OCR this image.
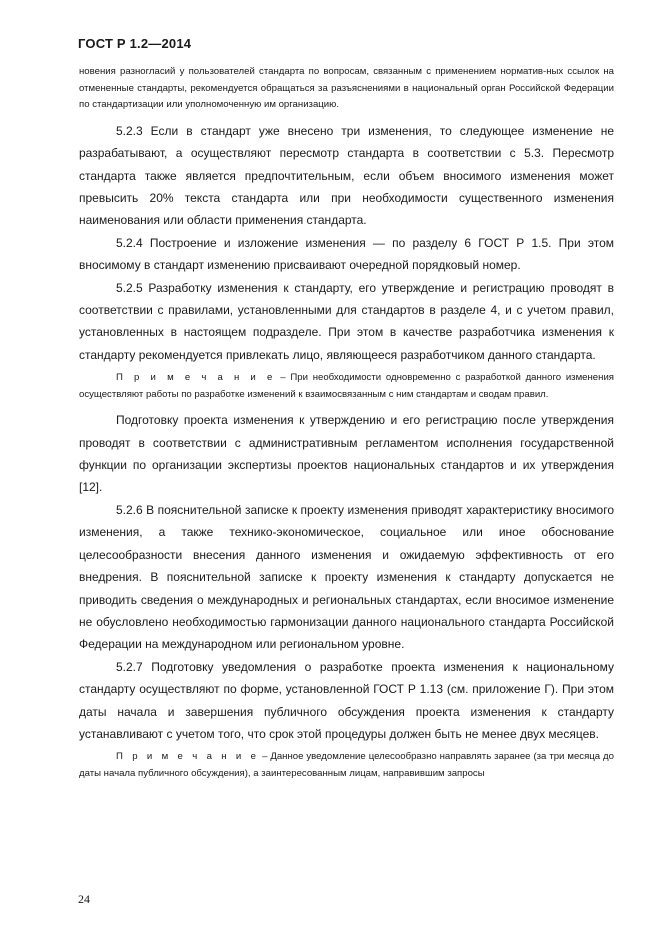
ГОСТ Р 1.2—2014

новения разногласий у пользователей стандарта по вопросам, связанным с применением норматив-ных ссылок на отмененные стандарты, рекомендуется обращаться за разъяснениями в национальный орган Российской Федерации по стандартизации или уполномоченную им организацию.

5.2.3 Если в стандарт уже внесено три изменения, то следующее изменение не разрабатывают, а осуществляют пересмотр стандарта в соответствии с 5.3. Пересмотр стандарта также является предпочтительным, если объем вносимого изменения может превысить 20% текста стандарта или при необходимости существенного изменения наименования или области применения стандарта.

5.2.4 Построение и изложение изменения — по разделу 6 ГОСТ Р 1.5. При этом вносимому в стандарт изменению присваивают очередной порядковый номер.

5.2.5 Разработку изменения к стандарту, его утверждение и регистрацию проводят в соответствии с правилами, установленными для стандартов в разделе 4, и с учетом правил, установленных в настоящем подразделе. При этом в качестве разработчика изменения к стандарту рекомендуется привлекать лицо, являющееся разработчиком данного стандарта.

П р и м е ч а н и е – При необходимости одновременно с разработкой данного изменения осуществляют работы по разработке изменений к взаимосвязанным с ним стандартам и сводам правил.

Подготовку проекта изменения к утверждению и его регистрацию после утверждения проводят в соответствии с административным регламентом исполнения государственной функции по организации экспертизы проектов национальных стандартов и их утверждения [12].

5.2.6 В пояснительной записке к проекту изменения приводят характеристику вносимого изменения, а также технико-экономическое, социальное или иное обоснование целесообразности внесения данного изменения и ожидаемую эффективность от его внедрения. В пояснительной записке к проекту изменения к стандарту допускается не приводить сведения о международных и региональных стандартах, если вносимое изменение не обусловлено необходимостью гармонизации данного национального стандарта Российской Федерации на международном или региональном уровне.

5.2.7 Подготовку уведомления о разработке проекта изменения к национальному стандарту осуществляют по форме, установленной ГОСТ Р 1.13 (см. приложение Г). При этом даты начала и завершения публичного обсуждения проекта изменения к стандарту устанавливают с учетом того, что срок этой процедуры должен быть не менее двух месяцев.

П р и м е ч а н и е – Данное уведомление целесообразно направлять заранее (за три месяца до даты начала публичного обсуждения), а заинтересованным лицам, направившим запросы

24
